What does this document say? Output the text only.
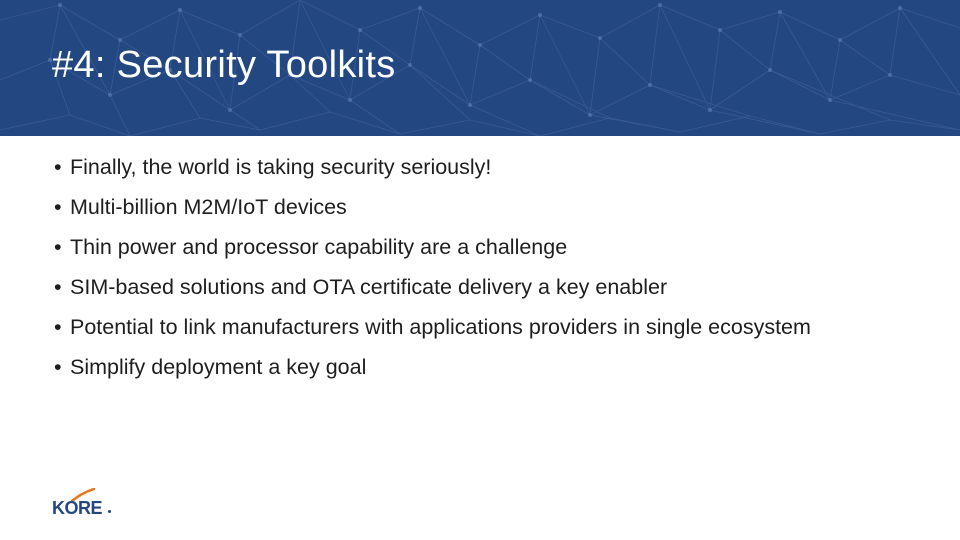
#4: Security Toolkits
• Finally, the world is taking security seriously!
• Multi-billion M2M/IoT devices
• Thin power and processor capability are a challenge
• SIM-based solutions and OTA certificate delivery a key enabler
• Potential to link manufacturers with applications providers in single ecosystem
• Simplify deployment a key goal
KORE
